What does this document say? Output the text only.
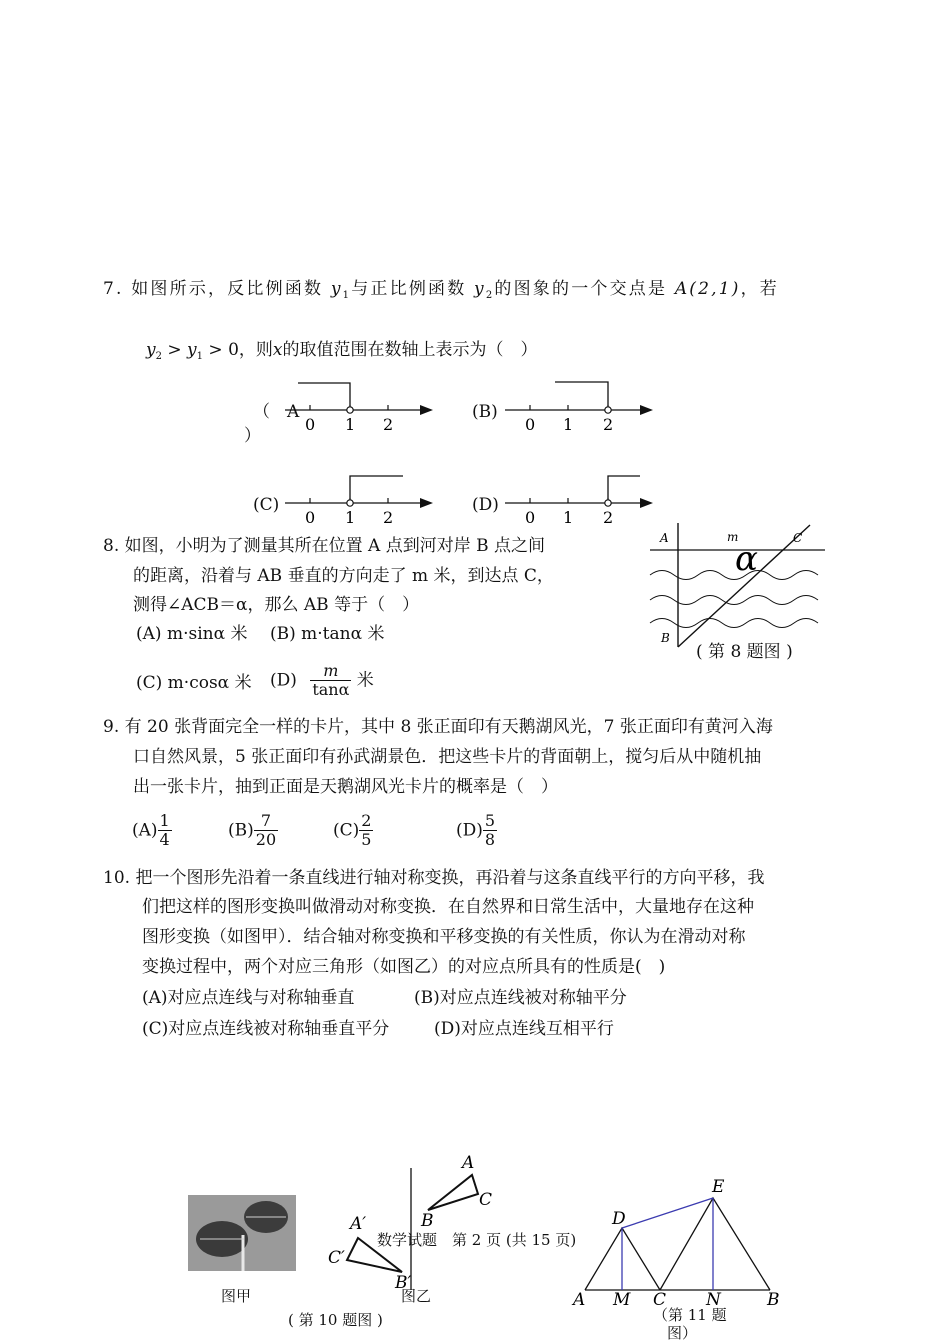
7. 如图所示，反比例函数 $y_1$与正比例函数 $y_2$的图象的一个交点是 A(2,1)，若
$y_2 > y_1 > 0$，则x的取值范围在数轴上表示为（　）
（　A
）
(B)
(C)	(D)
0 1 2	0 1 2
0 1 2	0 1 2
8. 如图，小明为了测量其所在位置 A 点到河对岸 B 点之间
的距离，沿着与 AB 垂直的方向走了 m 米，到达点 C，
测得∠ACB＝α，那么 AB 等于（　）
(A) m·sinα 米 (B) m·tanα 米
(C) m·cosα 米 $(D) \frac{m}{\tan\alpha}$ 米
A	m	C
B
α
( 第 8 题图 )
9. 有 20 张背面完全一样的卡片，其中 8 张正面印有天鹅湖风光，7 张正面印有黄河入海
口自然风景，5 张正面印有孙武湖景色．把这些卡片的背面朝上，搅匀后从中随机抽
出一张卡片，抽到正面是天鹅湖风光卡片的概率是（　）
$(A) \frac{1}{4}$	$(B) \frac{7}{20}$	$(C) \frac{2}{5}$	$(D) \frac{5}{8}$
10. 把一个图形先沿着一条直线进行轴对称变换，再沿着与这条直线平行的方向平移，我
们把这样的图形变换叫做滑动对称变换．在自然界和日常生活中，大量地存在这种
图形变换（如图甲）．结合轴对称变换和平移变换的有关性质，你认为在滑动对称
变换过程中，两个对应三角形（如图乙）的对应点所具有的性质是(　)
(A)对应点连线与对称轴垂直	(B)对应点连线被对称轴平分
(C)对应点连线被对称轴垂直平分	(D)对应点连线互相平行
图甲
A
C
B
A′
C′
B′
图乙
( 第 10 题图 )
数学试题　第 2 页 (共 15 页)
A M C N	B
D
E
（第 11 题
图）
